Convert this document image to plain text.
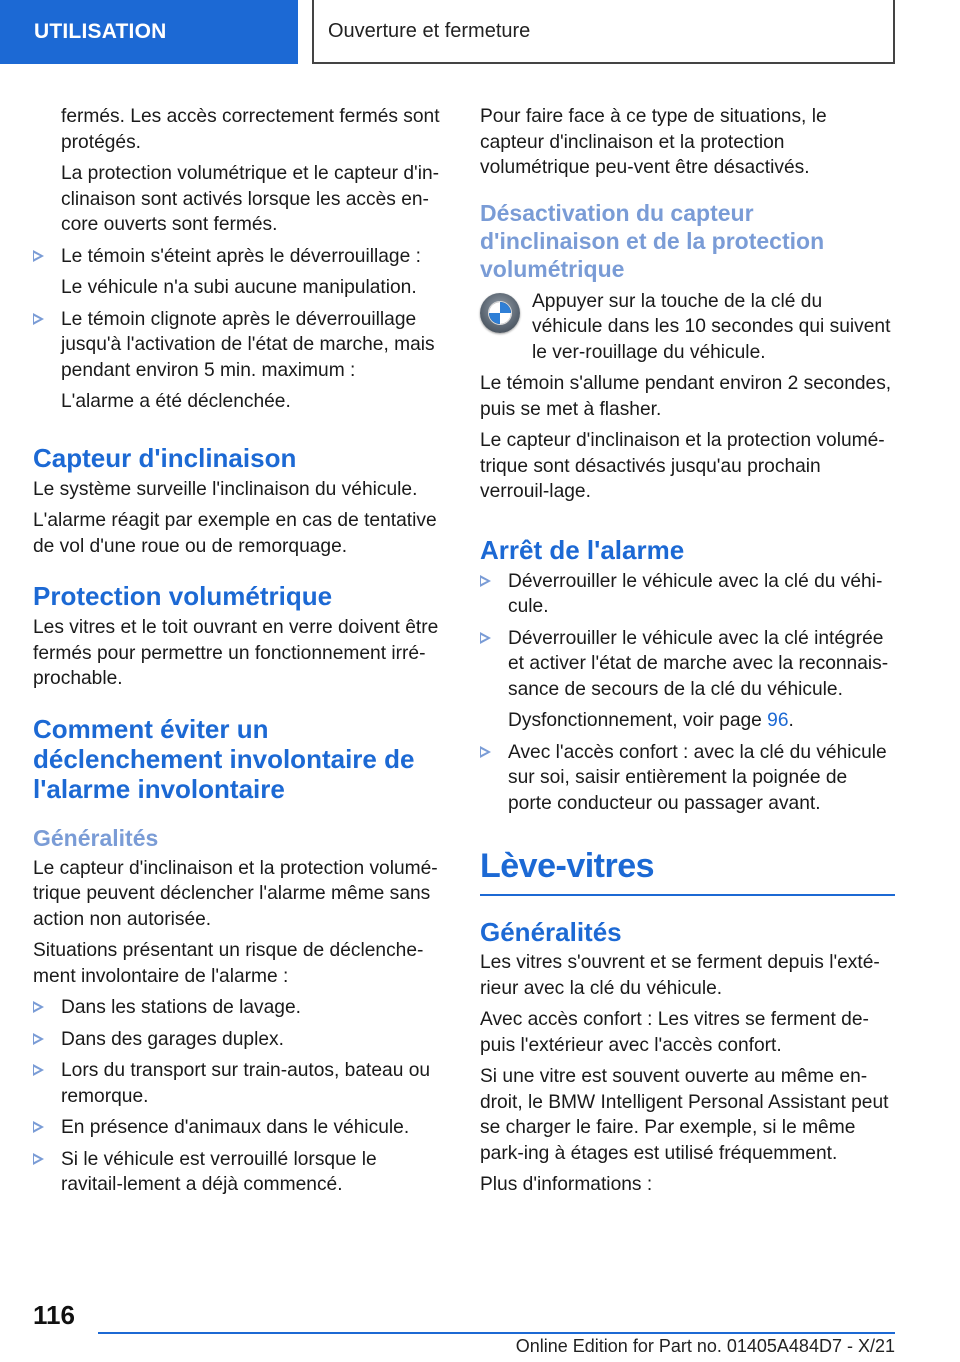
UTILISATION	Ouverture et fermeture

fermés. Les accès correctement fermés sont protégés.

La protection volumétrique et le capteur d'in-clinaison sont activés lorsque les accès en-core ouverts sont fermés.

Le témoin s'éteint après le déverrouillage :

Le véhicule n'a subi aucune manipulation.

Le témoin clignote après le déverrouillage jusqu'à l'activation de l'état de marche, mais pendant environ 5 min. maximum :

L'alarme a été déclenchée.

Capteur d'inclinaison

Le système surveille l'inclinaison du véhicule.

L'alarme réagit par exemple en cas de tentative de vol d'une roue ou de remorquage.

Protection volumétrique

Les vitres et le toit ouvrant en verre doivent être fermés pour permettre un fonctionnement irré-prochable.

Comment éviter un déclenchement involontaire de l'alarme involontaire
Généralités

Le capteur d'inclinaison et la protection volumé-trique peuvent déclencher l'alarme même sans action non autorisée.

Situations présentant un risque de déclenche-ment involontaire de l'alarme :

Dans les stations de lavage.
Dans des garages duplex.
Lors du transport sur train-autos, bateau ou remorque.
En présence d'animaux dans le véhicule.
Si le véhicule est verrouillé lorsque le ravitail-lement a déjà commencé.

Pour faire face à ce type de situations, le capteur d'inclinaison et la protection volumétrique peu-vent être désactivés.

Désactivation du capteur d'inclinaison et de la protection volumétrique
Appuyer sur la touche de la clé du véhicule dans les 10 secondes qui suivent le ver-rouillage du véhicule.

Le témoin s'allume pendant environ 2 secondes, puis se met à flasher.

Le capteur d'inclinaison et la protection volumé-trique sont désactivés jusqu'au prochain verrouil-lage.

Arrêt de l'alarme
Déverrouiller le véhicule avec la clé du véhi-cule.
Déverrouiller le véhicule avec la clé intégrée et activer l'état de marche avec la reconnais-sance de secours de la clé du véhicule.

Dysfonctionnement, voir page 96.

Avec l'accès confort : avec la clé du véhicule sur soi, saisir entièrement la poignée de porte conducteur ou passager avant.
Lève-vitres
Généralités

Les vitres s'ouvrent et se ferment depuis l'exté-rieur avec la clé du véhicule.

Avec accès confort : Les vitres se ferment de-puis l'extérieur avec l'accès confort.

Si une vitre est souvent ouverte au même en-droit, le BMW Intelligent Personal Assistant peut se charger le faire. Par exemple, si le même park-ing à étages est utilisé fréquemment.

Plus d'informations :

116
Online Edition for Part no. 01405A484D7 - X/21
